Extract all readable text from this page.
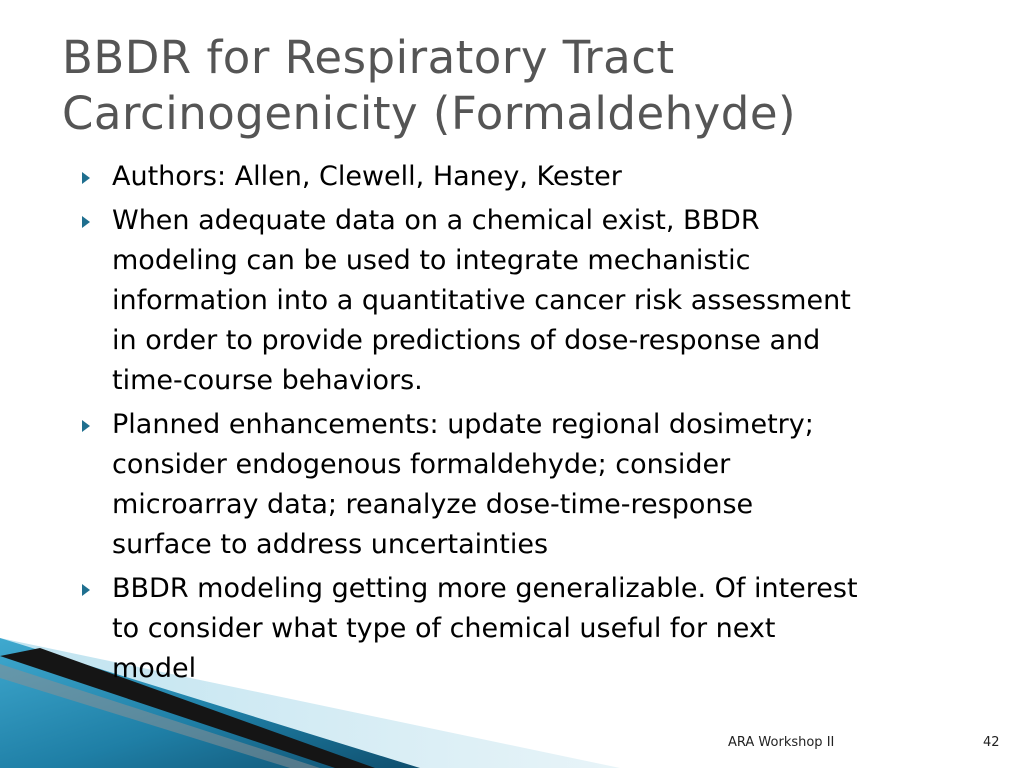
BBDR for Respiratory Tract
Carcinogenicity (Formaldehyde)
Authors: Allen, Clewell, Haney, Kester
When adequate data on a chemical exist, BBDR
modeling can be used to integrate mechanistic
information into a quantitative cancer risk assessment
in order to provide predictions of dose-response and
time-course behaviors.
Planned enhancements: update regional dosimetry;
consider endogenous formaldehyde; consider
microarray data; reanalyze dose-time-response
surface to address uncertainties
BBDR modeling getting more generalizable. Of interest
to consider what type of chemical useful for next
model
ARA Workshop II	42
